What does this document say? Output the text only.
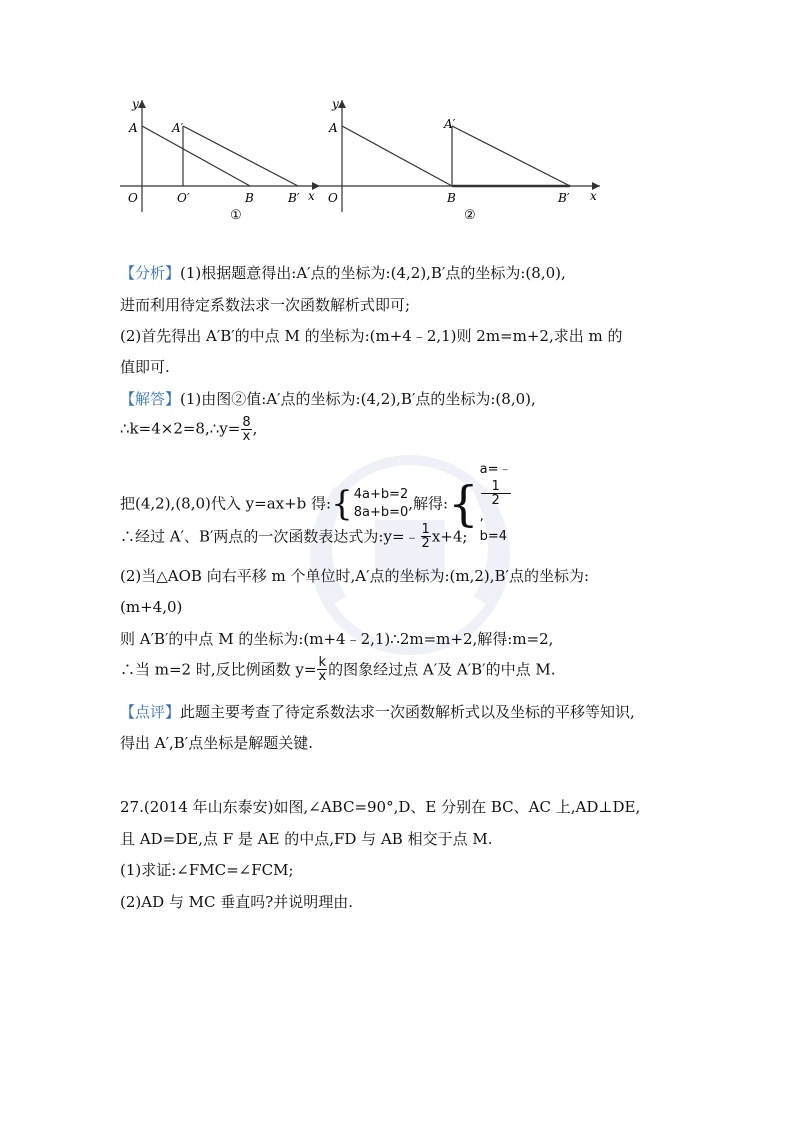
y
A	A′
O	O′	B	B′ x
①
y
A	A′
O	B	B′ x
②
【分析】(1)根据题意得出:A′点的坐标为:(4,2),B′点的坐标为:(8,0),
进而利用待定系数法求一次函数解析式即可;
(2)首先得出 A′B′的中点 M 的坐标为:(m+4﹣2,1)则 2m=m+2,求出 m 的
值即可.
【解答】(1)由图②值:A′点的坐标为:(4,2),B′点的坐标为:(8,0),
∴k=4×2=8,∴y= $\frac{8}{x}$ ,
把(4,2),(8,0)代入 y=ax+b 得:{ 4a+b=2
8a+b=0 ,解得:{
a=﹣
1
2
,
b=4
∴经过 A′、B′两点的一次函数表达式为:y=﹣ $\frac{1}{2} x+4$;
(2)当△AOB 向右平移 m 个单位时,A′点的坐标为:(m,2),B′点的坐标为:
(m+4,0)
则 A′B′的中点 M 的坐标为:(m+4﹣2,1)∴2m=m+2,解得:m=2,
∴当 m=2 时,反比例函数 $y= \frac{k}{x}$ 的图象经过点 A′及 A′B′的中点 M.
【点评】此题主要考查了待定系数法求一次函数解析式以及坐标的平移等知识,
得出 A′,B′点坐标是解题关键.
27.(2014 年山东泰安)如图,∠ABC=90°,D、E 分别在 BC、AC 上,AD⊥DE,
且 AD=DE,点 F 是 AE 的中点,FD 与 AB 相交于点 M.
(1)求证:∠FMC=∠FCM;
(2)AD 与 MC 垂直吗?并说明理由.
